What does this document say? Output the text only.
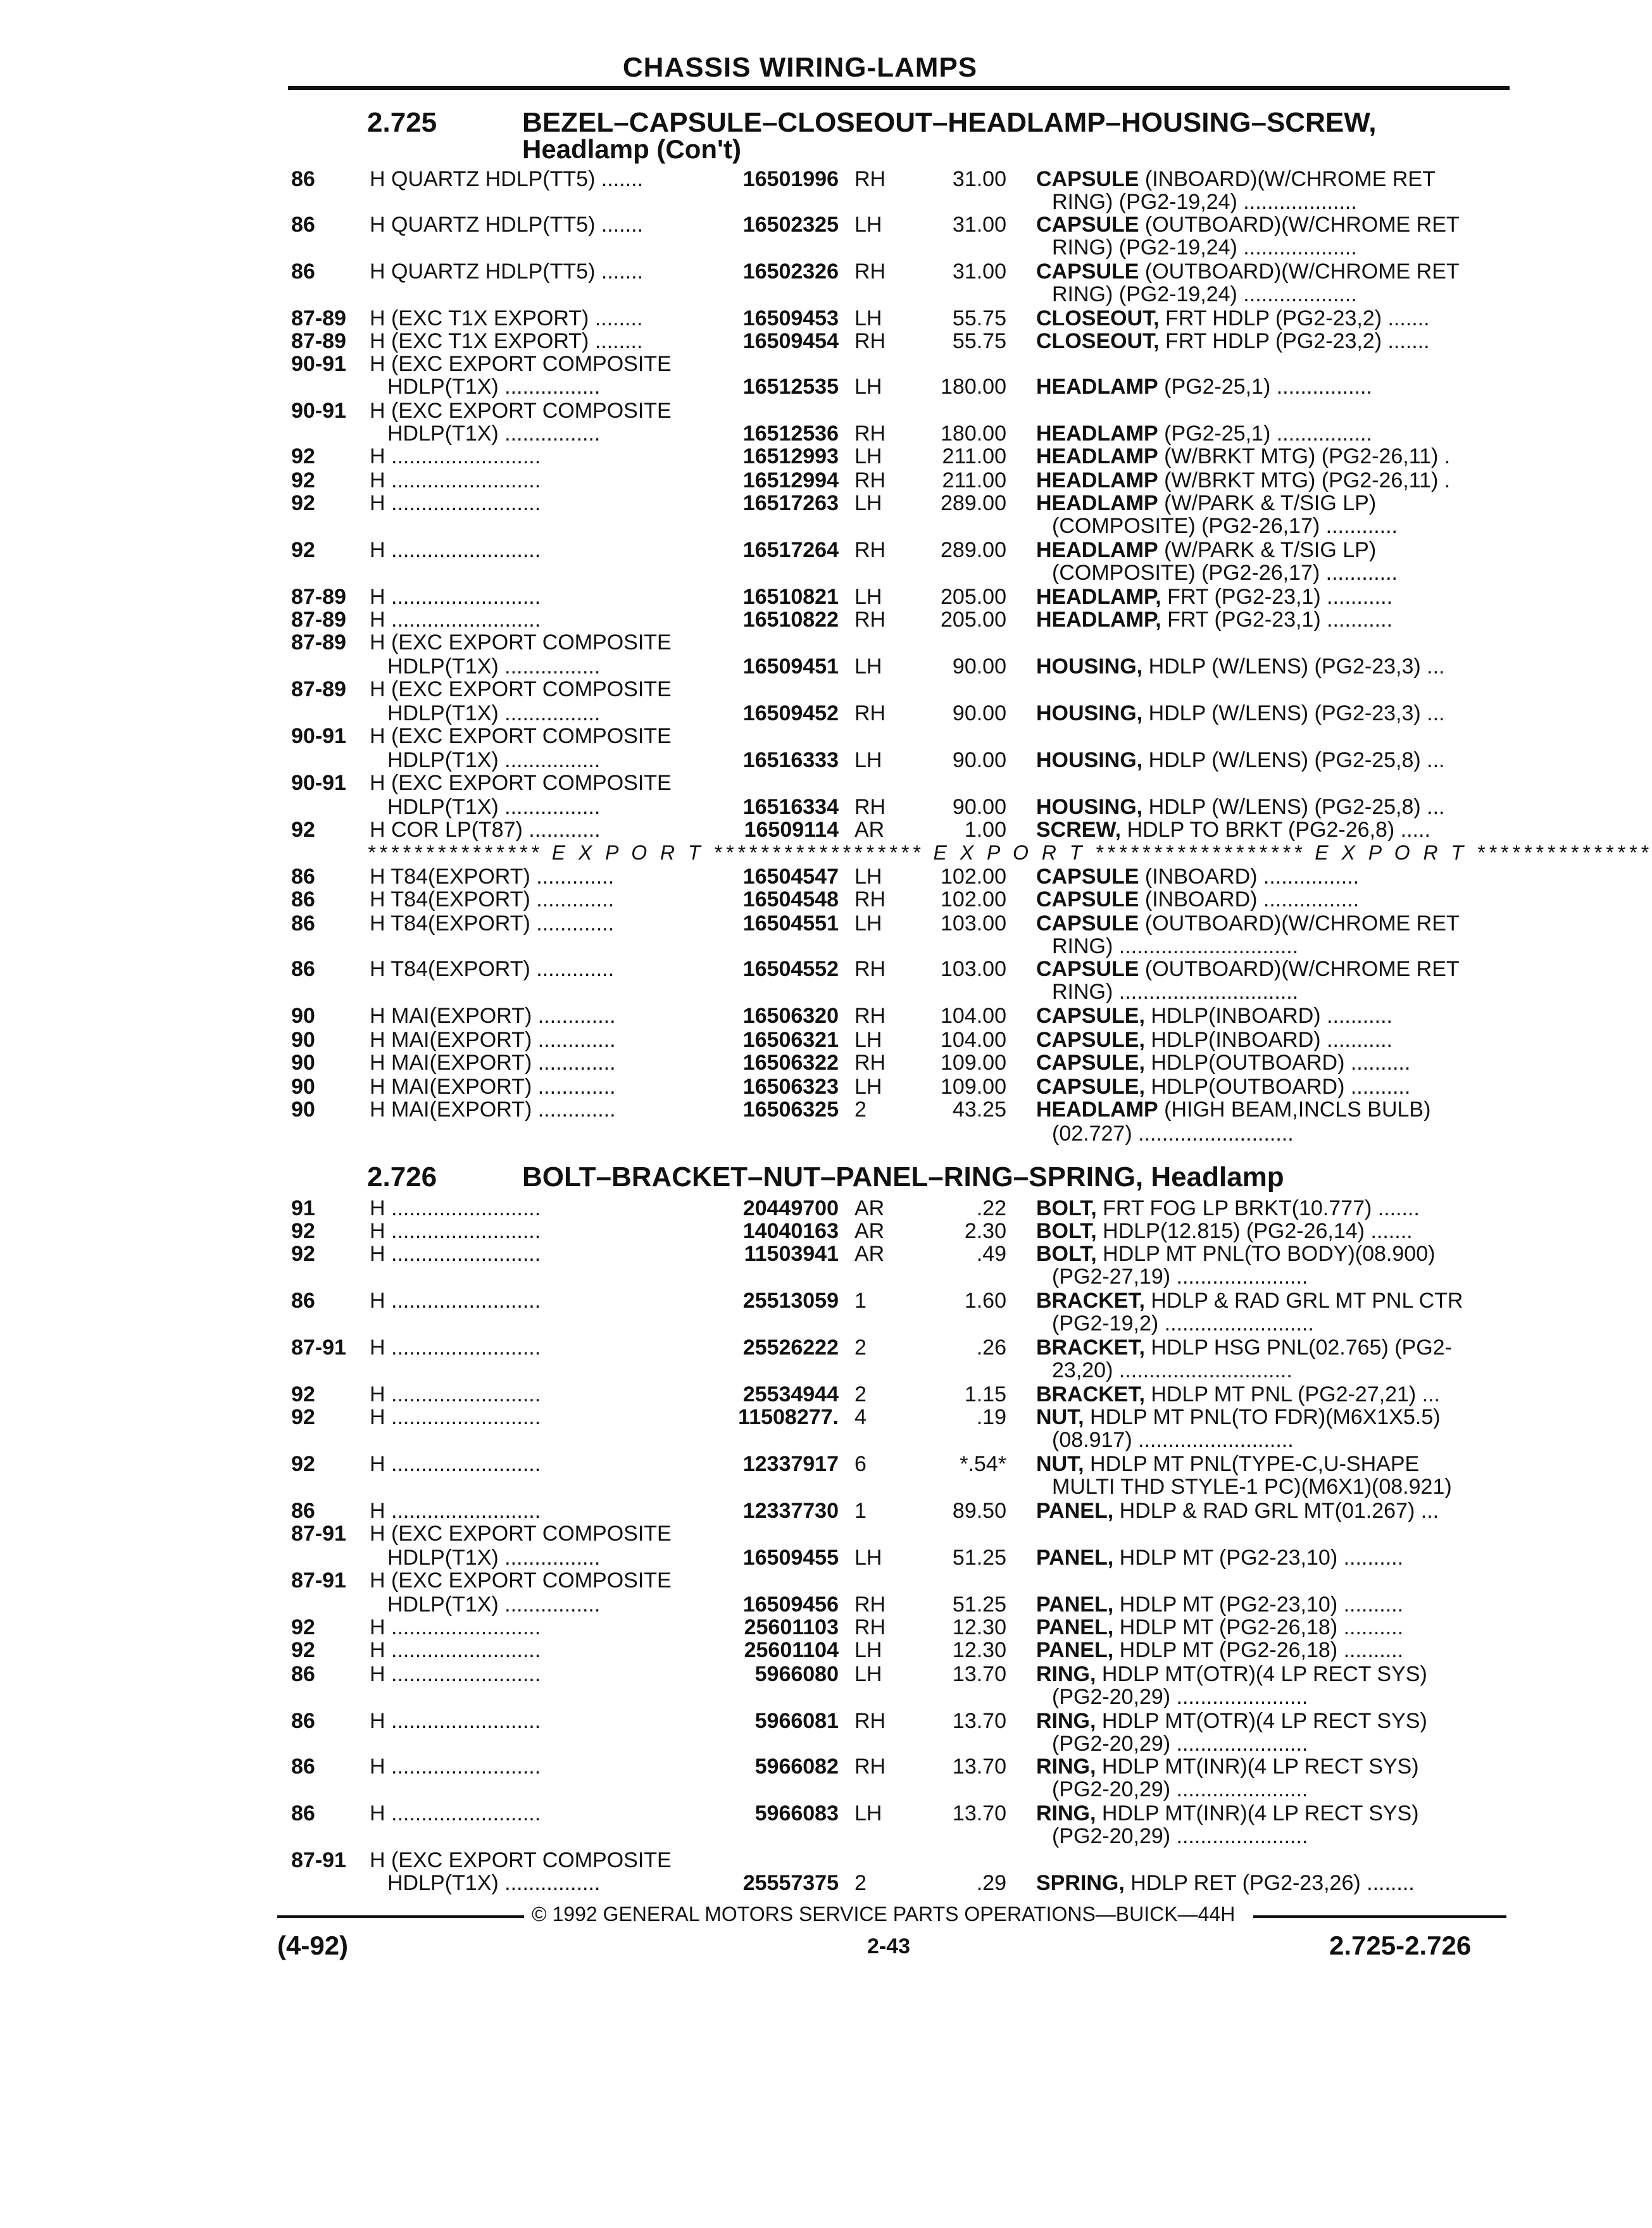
CHASSIS WIRING-LAMPS
2.725	BEZEL–CAPSULE–CLOSEOUT–HEADLAMP–HOUSING–SCREW,
Headlamp (Con't)
2.726	BOLT–BRACKET–NUT–PANEL–RING–SPRING, Headlamp
86	H QUARTZ HDLP(TT5) .......	16501996 RH	31.00 CAPSULE (INBOARD)(W/CHROME RET
RING) (PG2-19,24) ...................
86	H QUARTZ HDLP(TT5) .......	16502325 LH	31.00 CAPSULE (OUTBOARD)(W/CHROME RET
RING) (PG2-19,24) ...................
86	H QUARTZ HDLP(TT5) .......	16502326 RH	31.00 CAPSULE (OUTBOARD)(W/CHROME RET
RING) (PG2-19,24) ...................
87-89 H (EXC T1X EXPORT) ........	16509453 LH	55.75 CLOSEOUT, FRT HDLP (PG2-23,2) .......
87-89 H (EXC T1X EXPORT) ........	16509454 RH	55.75 CLOSEOUT, FRT HDLP (PG2-23,2) .......
90-91 H (EXC EXPORT COMPOSITE
HDLP(T1X) ................	16512535 LH	180.00 HEADLAMP (PG2-25,1) ................
90-91 H (EXC EXPORT COMPOSITE
HDLP(T1X) ................	16512536 RH	180.00 HEADLAMP (PG2-25,1) ................
92	H .........................	16512993 LH	211.00 HEADLAMP (W/BRKT MTG) (PG2-26,11) .
92	H .........................	16512994 RH	211.00 HEADLAMP (W/BRKT MTG) (PG2-26,11) .
92	H .........................	16517263 LH	289.00 HEADLAMP (W/PARK & T/SIG LP)
(COMPOSITE) (PG2-26,17) ............
92	H .........................	16517264 RH	289.00 HEADLAMP (W/PARK & T/SIG LP)
(COMPOSITE) (PG2-26,17) ............
87-89 H .........................	16510821 LH	205.00 HEADLAMP, FRT (PG2-23,1) ...........
87-89 H .........................	16510822 RH	205.00 HEADLAMP, FRT (PG2-23,1) ...........
87-89 H (EXC EXPORT COMPOSITE
HDLP(T1X) ................	16509451 LH	90.00 HOUSING, HDLP (W/LENS) (PG2-23,3) ...
87-89 H (EXC EXPORT COMPOSITE
HDLP(T1X) ................	16509452 RH	90.00 HOUSING, HDLP (W/LENS) (PG2-23,3) ...
90-91 H (EXC EXPORT COMPOSITE
HDLP(T1X) ................	16516333 LH	90.00 HOUSING, HDLP (W/LENS) (PG2-25,8) ...
90-91 H (EXC EXPORT COMPOSITE
HDLP(T1X) ................	16516334 RH	90.00 HOUSING, HDLP (W/LENS) (PG2-25,8) ...
92	H COR LP(T87) ............	16509114 AR	1.00 SCREW, HDLP TO BRKT (PG2-26,8) .....
*************** E X P O R T ****************** E X P O R T ****************** E X P O R T ***************
86	H T84(EXPORT) .............	16504547 LH	102.00 CAPSULE (INBOARD) ................
86	H T84(EXPORT) .............	16504548 RH	102.00 CAPSULE (INBOARD) ................
86	H T84(EXPORT) .............	16504551 LH	103.00 CAPSULE (OUTBOARD)(W/CHROME RET
RING) ..............................
86	H T84(EXPORT) .............	16504552 RH	103.00 CAPSULE (OUTBOARD)(W/CHROME RET
RING) ..............................
90	H MAI(EXPORT) .............	16506320 RH	104.00 CAPSULE, HDLP(INBOARD) ...........
90	H MAI(EXPORT) .............	16506321 LH	104.00 CAPSULE, HDLP(INBOARD) ...........
90	H MAI(EXPORT) .............	16506322 RH	109.00 CAPSULE, HDLP(OUTBOARD) ..........
90	H MAI(EXPORT) .............	16506323 LH	109.00 CAPSULE, HDLP(OUTBOARD) ..........
90	H MAI(EXPORT) .............	16506325 2	43.25 HEADLAMP (HIGH BEAM,INCLS BULB)
(02.727) ..........................
91	H .........................	20449700 AR	.22 BOLT, FRT FOG LP BRKT(10.777) .......
92	H .........................	14040163 AR	2.30 BOLT, HDLP(12.815) (PG2-26,14) .......
92	H .........................	11503941 AR	.49 BOLT, HDLP MT PNL(TO BODY)(08.900)
(PG2-27,19) ......................
86	H .........................	25513059 1	1.60 BRACKET, HDLP & RAD GRL MT PNL CTR
(PG2-19,2) .........................
87-91 H .........................	25526222 2	.26 BRACKET, HDLP HSG PNL(02.765) (PG2-
23,20) .............................
92	H .........................	25534944 2	1.15 BRACKET, HDLP MT PNL (PG2-27,21) ...
92	H .........................	11508277. 4	.19 NUT, HDLP MT PNL(TO FDR)(M6X1X5.5)
(08.917) ..........................
92	H .........................	12337917 6	*.54* NUT, HDLP MT PNL(TYPE-C,U-SHAPE
MULTI THD STYLE-1 PC)(M6X1)(08.921)
86	H .........................	12337730 1	89.50 PANEL, HDLP & RAD GRL MT(01.267) ...
87-91 H (EXC EXPORT COMPOSITE
HDLP(T1X) ................	16509455 LH	51.25 PANEL, HDLP MT (PG2-23,10) ..........
87-91 H (EXC EXPORT COMPOSITE
HDLP(T1X) ................	16509456 RH	51.25 PANEL, HDLP MT (PG2-23,10) ..........
92	H .........................	25601103 RH	12.30 PANEL, HDLP MT (PG2-26,18) ..........
92	H .........................	25601104 LH	12.30 PANEL, HDLP MT (PG2-26,18) ..........
86	H .........................	5966080 LH	13.70 RING, HDLP MT(OTR)(4 LP RECT SYS)
(PG2-20,29) ......................
86	H .........................	5966081 RH	13.70 RING, HDLP MT(OTR)(4 LP RECT SYS)
(PG2-20,29) ......................
86	H .........................	5966082 RH	13.70 RING, HDLP MT(INR)(4 LP RECT SYS)
(PG2-20,29) ......................
86	H .........................	5966083 LH	13.70 RING, HDLP MT(INR)(4 LP RECT SYS)
(PG2-20,29) ......................
87-91 H (EXC EXPORT COMPOSITE
HDLP(T1X) ................	25557375 2	.29 SPRING, HDLP RET (PG2-23,26) ........
© 1992 GENERAL MOTORS SERVICE PARTS OPERATIONS—BUICK—44H
(4-92)	2-43	2.725-2.726
